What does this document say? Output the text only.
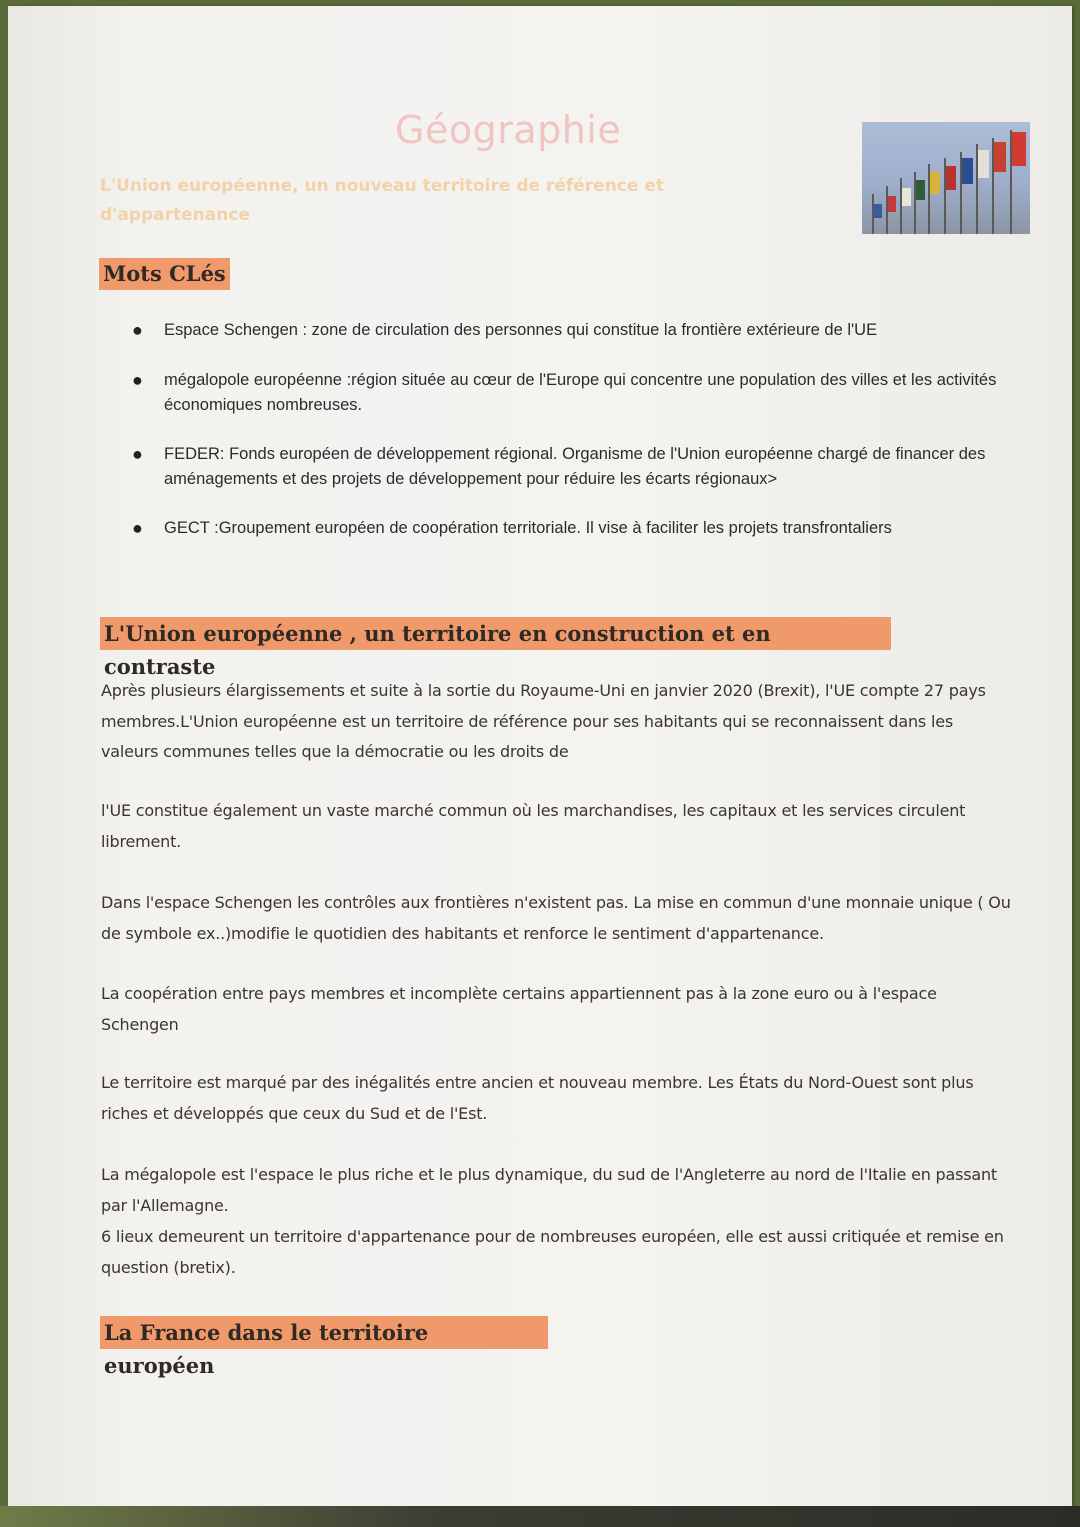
Géographie
L'Union européenne, un nouveau territoire de référence et d'appartenance
Mots CLés
● Espace Schengen : zone de circulation des personnes qui constitue la frontière extérieure de l'UE
● mégalopole européenne :région située au cœur de l'Europe qui concentre une population des villes et les activités économiques nombreuses.
● FEDER: Fonds européen de développement régional. Organisme de l'Union européenne chargé de financer des aménagements et des projets de développement pour réduire les écarts régionaux>
● GECT :Groupement européen de coopération territoriale. Il vise à faciliter les projets transfrontaliers
L'Union européenne , un territoire en construction et en contraste
Après plusieurs élargissements et suite à la sortie du Royaume-Uni en janvier 2020 (Brexit), l'UE compte 27 pays membres.L'Union européenne est un territoire de référence pour ses habitants qui se reconnaissent dans les valeurs communes telles que la démocratie ou les droits de
l'UE constitue également un vaste marché commun où les marchandises, les capitaux et les services circulent librement.
Dans l'espace Schengen les contrôles aux frontières n'existent pas. La mise en commun d'une monnaie unique ( Ou de symbole ex..)modifie le quotidien des habitants et renforce le sentiment d'appartenance.
La coopération entre pays membres et incomplète certains appartiennent pas à la zone euro ou à l'espace Schengen
Le territoire est marqué par des inégalités entre ancien et nouveau membre. Les États du Nord-Ouest sont plus riches et développés que ceux du Sud et de l'Est.
La mégalopole est l'espace le plus riche et le plus dynamique, du sud de l'Angleterre au nord de l'Italie en passant par l'Allemagne.
6 lieux demeurent un territoire d'appartenance pour de nombreuses européen, elle est aussi critiquée et remise en question (bretix).
La France dans le territoire européen
